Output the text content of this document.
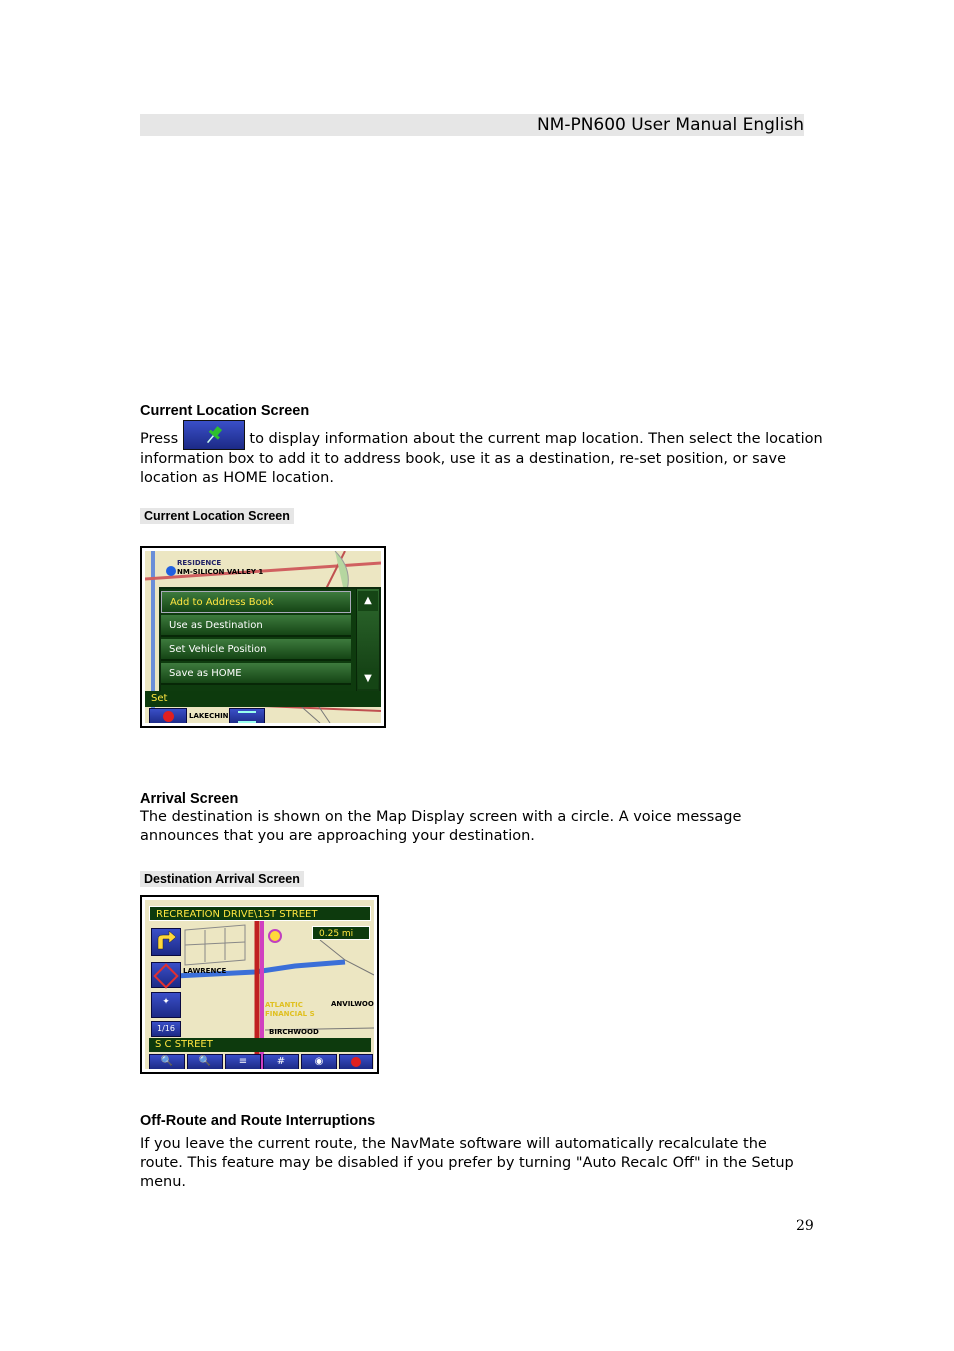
NM-PN600 User Manual English
Current Location Screen
Press	to display information about the current map location. Then select the location information box to add it to address book, use it as a destination, re-set position, or save location as HOME location.
Current Location Screen
RESIDENCE
NM-SILICON VALLEY 1
Add to Address Book
Use as Destination
Set Vehicle Position
Save as HOME
▲
▼
Set
LAKECHIN
Arrival Screen
The destination is shown on the Map Display screen with a circle. A voice message announces that you are approaching your destination.
Destination Arrival Screen
RECREATION DRIVE\1ST STREET
0.25 mi
✦
1/16
LAWRENCE
ATLANTIC
FINANCIAL S
ANVILWOO
BIRCHWOOD
S C STREET
🔍	🔍	≡	#	◉
Off-Route and Route Interruptions
If you leave the current route, the NavMate software will automatically recalculate the route. This feature may be disabled if you prefer by turning "Auto Recalc Off" in the Setup menu.
29
